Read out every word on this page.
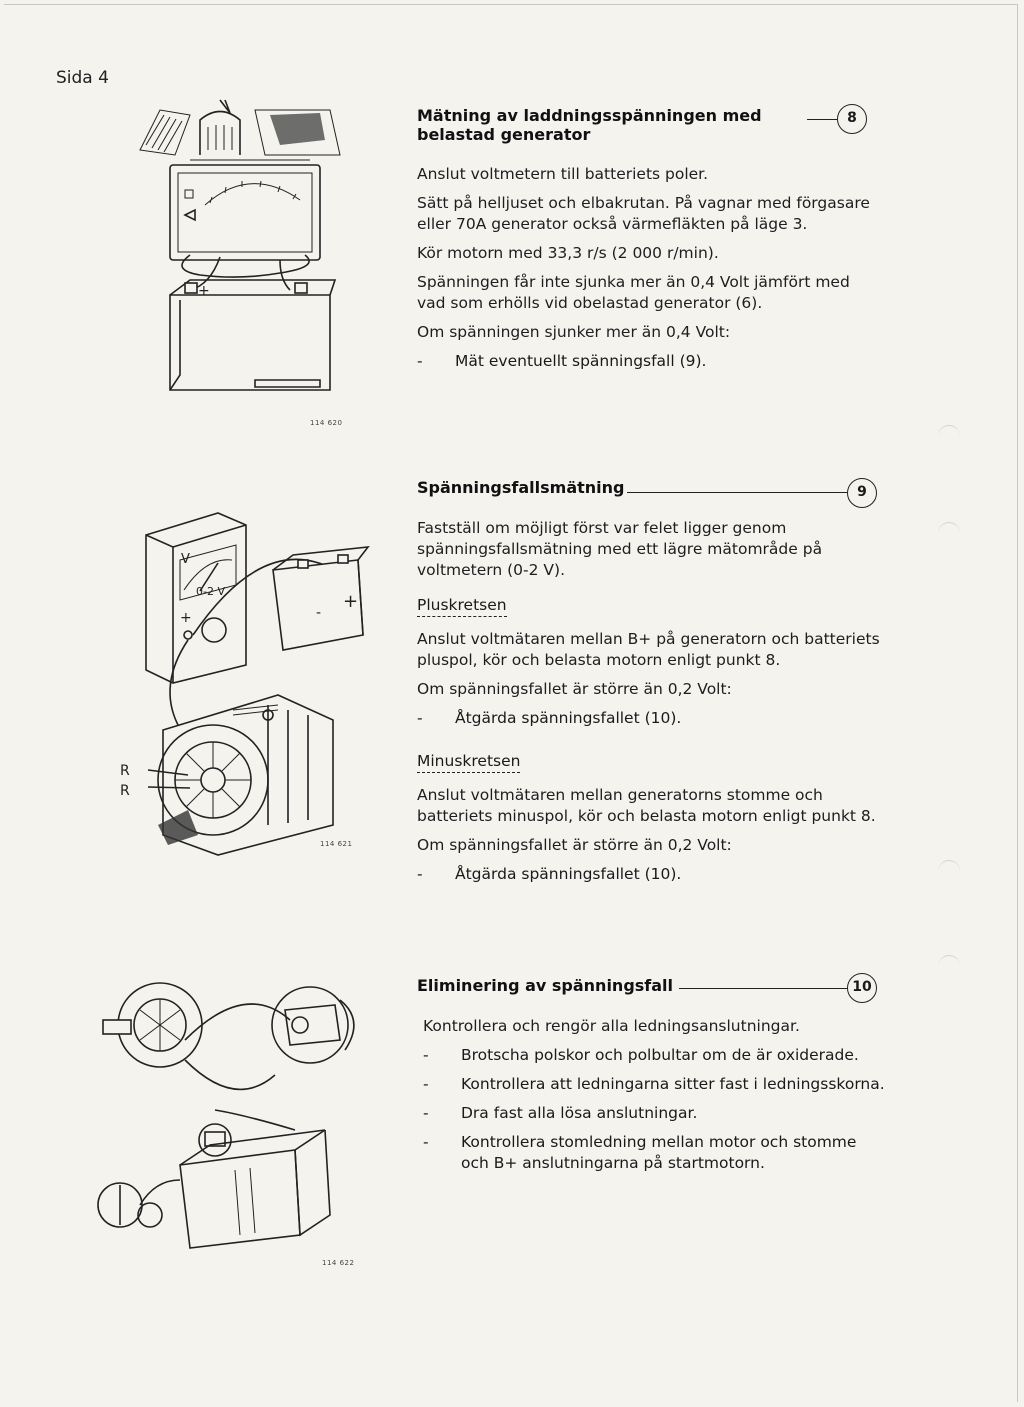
Sida 4
+
114 620
V
0-2 V
+	-
+
R
R
114 621
114 622
Mätning av laddningsspänningen med belastad generator
8

Anslut voltmetern till batteriets poler.

Sätt på helljuset och elbakrutan. På vagnar med förgasare eller 70A generator också värmefläkten på läge 3.

Kör motorn med 33,3 r/s (2 000 r/min).

Spänningen får inte sjunka mer än 0,4 Volt jämfört med vad som erhölls vid obelastad generator (6).

Om spänningen sjunker mer än 0,4 Volt:

-	Mät eventuellt spänningsfall (9).
Spänningsfallsmätning	9

Fastställ om möjligt först var felet ligger genom spänningsfallsmätning med ett lägre mätområde på voltmetern (0-2 V).

Pluskretsen

Anslut voltmätaren mellan B+ på generatorn och batteriets pluspol, kör och belasta motorn enligt punkt 8.

Om spänningsfallet är större än 0,2 Volt:

-	Åtgärda spänningsfallet (10).
Minuskretsen

Anslut voltmätaren mellan generatorns stomme och batteriets minuspol, kör och belasta motorn enligt punkt 8.

Om spänningsfallet är större än 0,2 Volt:

-	Åtgärda spänningsfallet (10).
Eliminering av spänningsfall	10

Kontrollera och rengör alla ledningsanslutningar.

-	Brotscha polskor och polbultar om de är oxiderade.
-	Kontrollera att ledningarna sitter fast i ledningsskorna.
-	Dra fast alla lösa anslutningar.
-	Kontrollera stomledning mellan motor och stomme och B+ anslutningarna på startmotorn.
